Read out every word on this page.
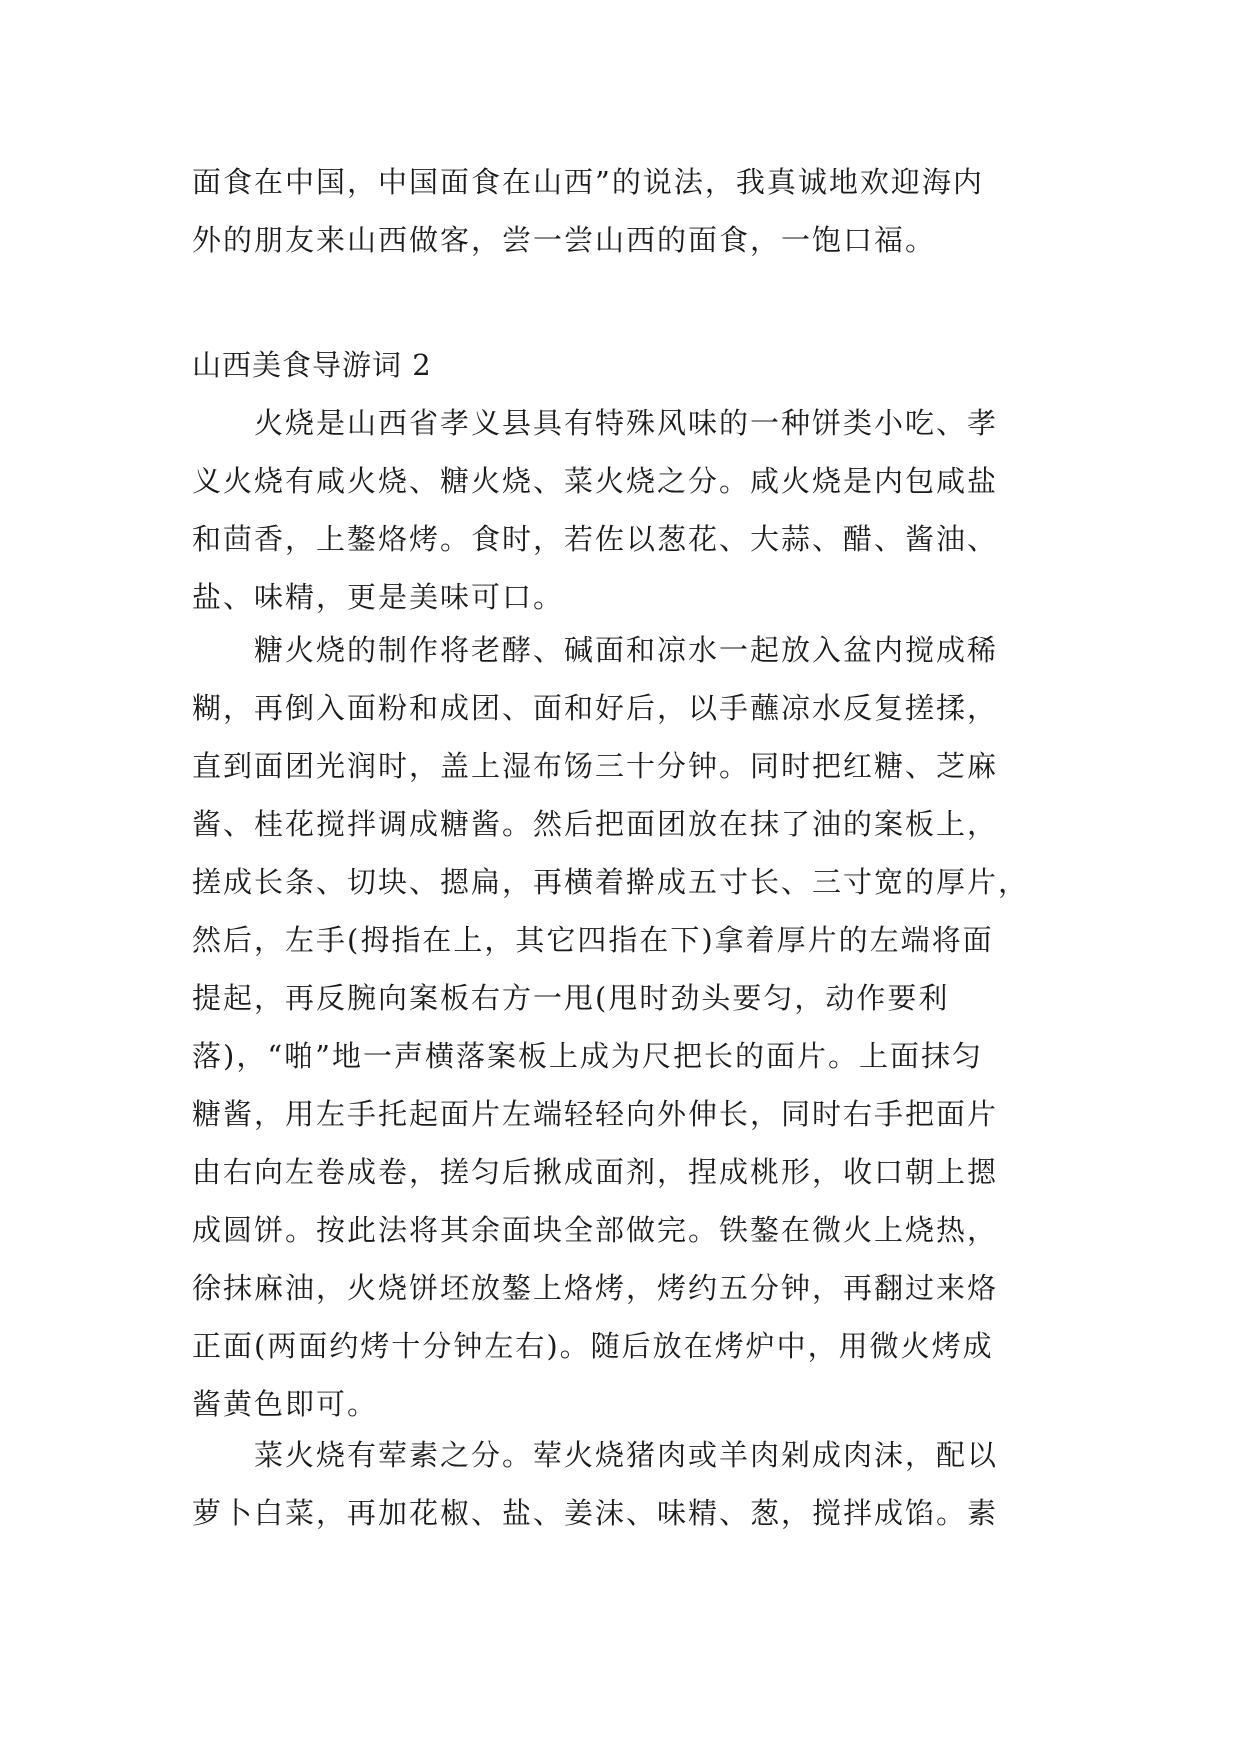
面食在中国，中国面食在山西”的说法，我真诚地欢迎海内
外的朋友来山西做客，尝一尝山西的面食，一饱口福。
山西美食导游词 2
　　火烧是山西省孝义县具有特殊风味的一种饼类小吃、孝
义火烧有咸火烧、糖火烧、菜火烧之分。咸火烧是内包咸盐
和茴香，上鏊烙烤。食时，若佐以葱花、大蒜、醋、酱油、
盐、味精，更是美味可口。
　　糖火烧的制作将老酵、碱面和凉水一起放入盆内搅成稀
糊，再倒入面粉和成团、面和好后，以手蘸凉水反复搓揉，
直到面团光润时，盖上湿布饧三十分钟。同时把红糖、芝麻
酱、桂花搅拌调成糖酱。然后把面团放在抹了油的案板上，
搓成长条、切块、摁扁，再横着擀成五寸长、三寸宽的厚片，
然后，左手(拇指在上，其它四指在下)拿着厚片的左端将面
提起，再反腕向案板右方一甩(甩时劲头要匀，动作要利
落)，“啪”地一声横落案板上成为尺把长的面片。上面抹匀
糖酱，用左手托起面片左端轻轻向外伸长，同时右手把面片
由右向左卷成卷，搓匀后揪成面剂，捏成桃形，收口朝上摁
成圆饼。按此法将其余面块全部做完。铁鏊在微火上烧热，
徐抹麻油，火烧饼坯放鏊上烙烤，烤约五分钟，再翻过来烙
正面(两面约烤十分钟左右)。随后放在烤炉中，用微火烤成
酱黄色即可。
　　菜火烧有荤素之分。荤火烧猪肉或羊肉剁成肉沫，配以
萝卜白菜，再加花椒、盐、姜沫、味精、葱，搅拌成馅。素
